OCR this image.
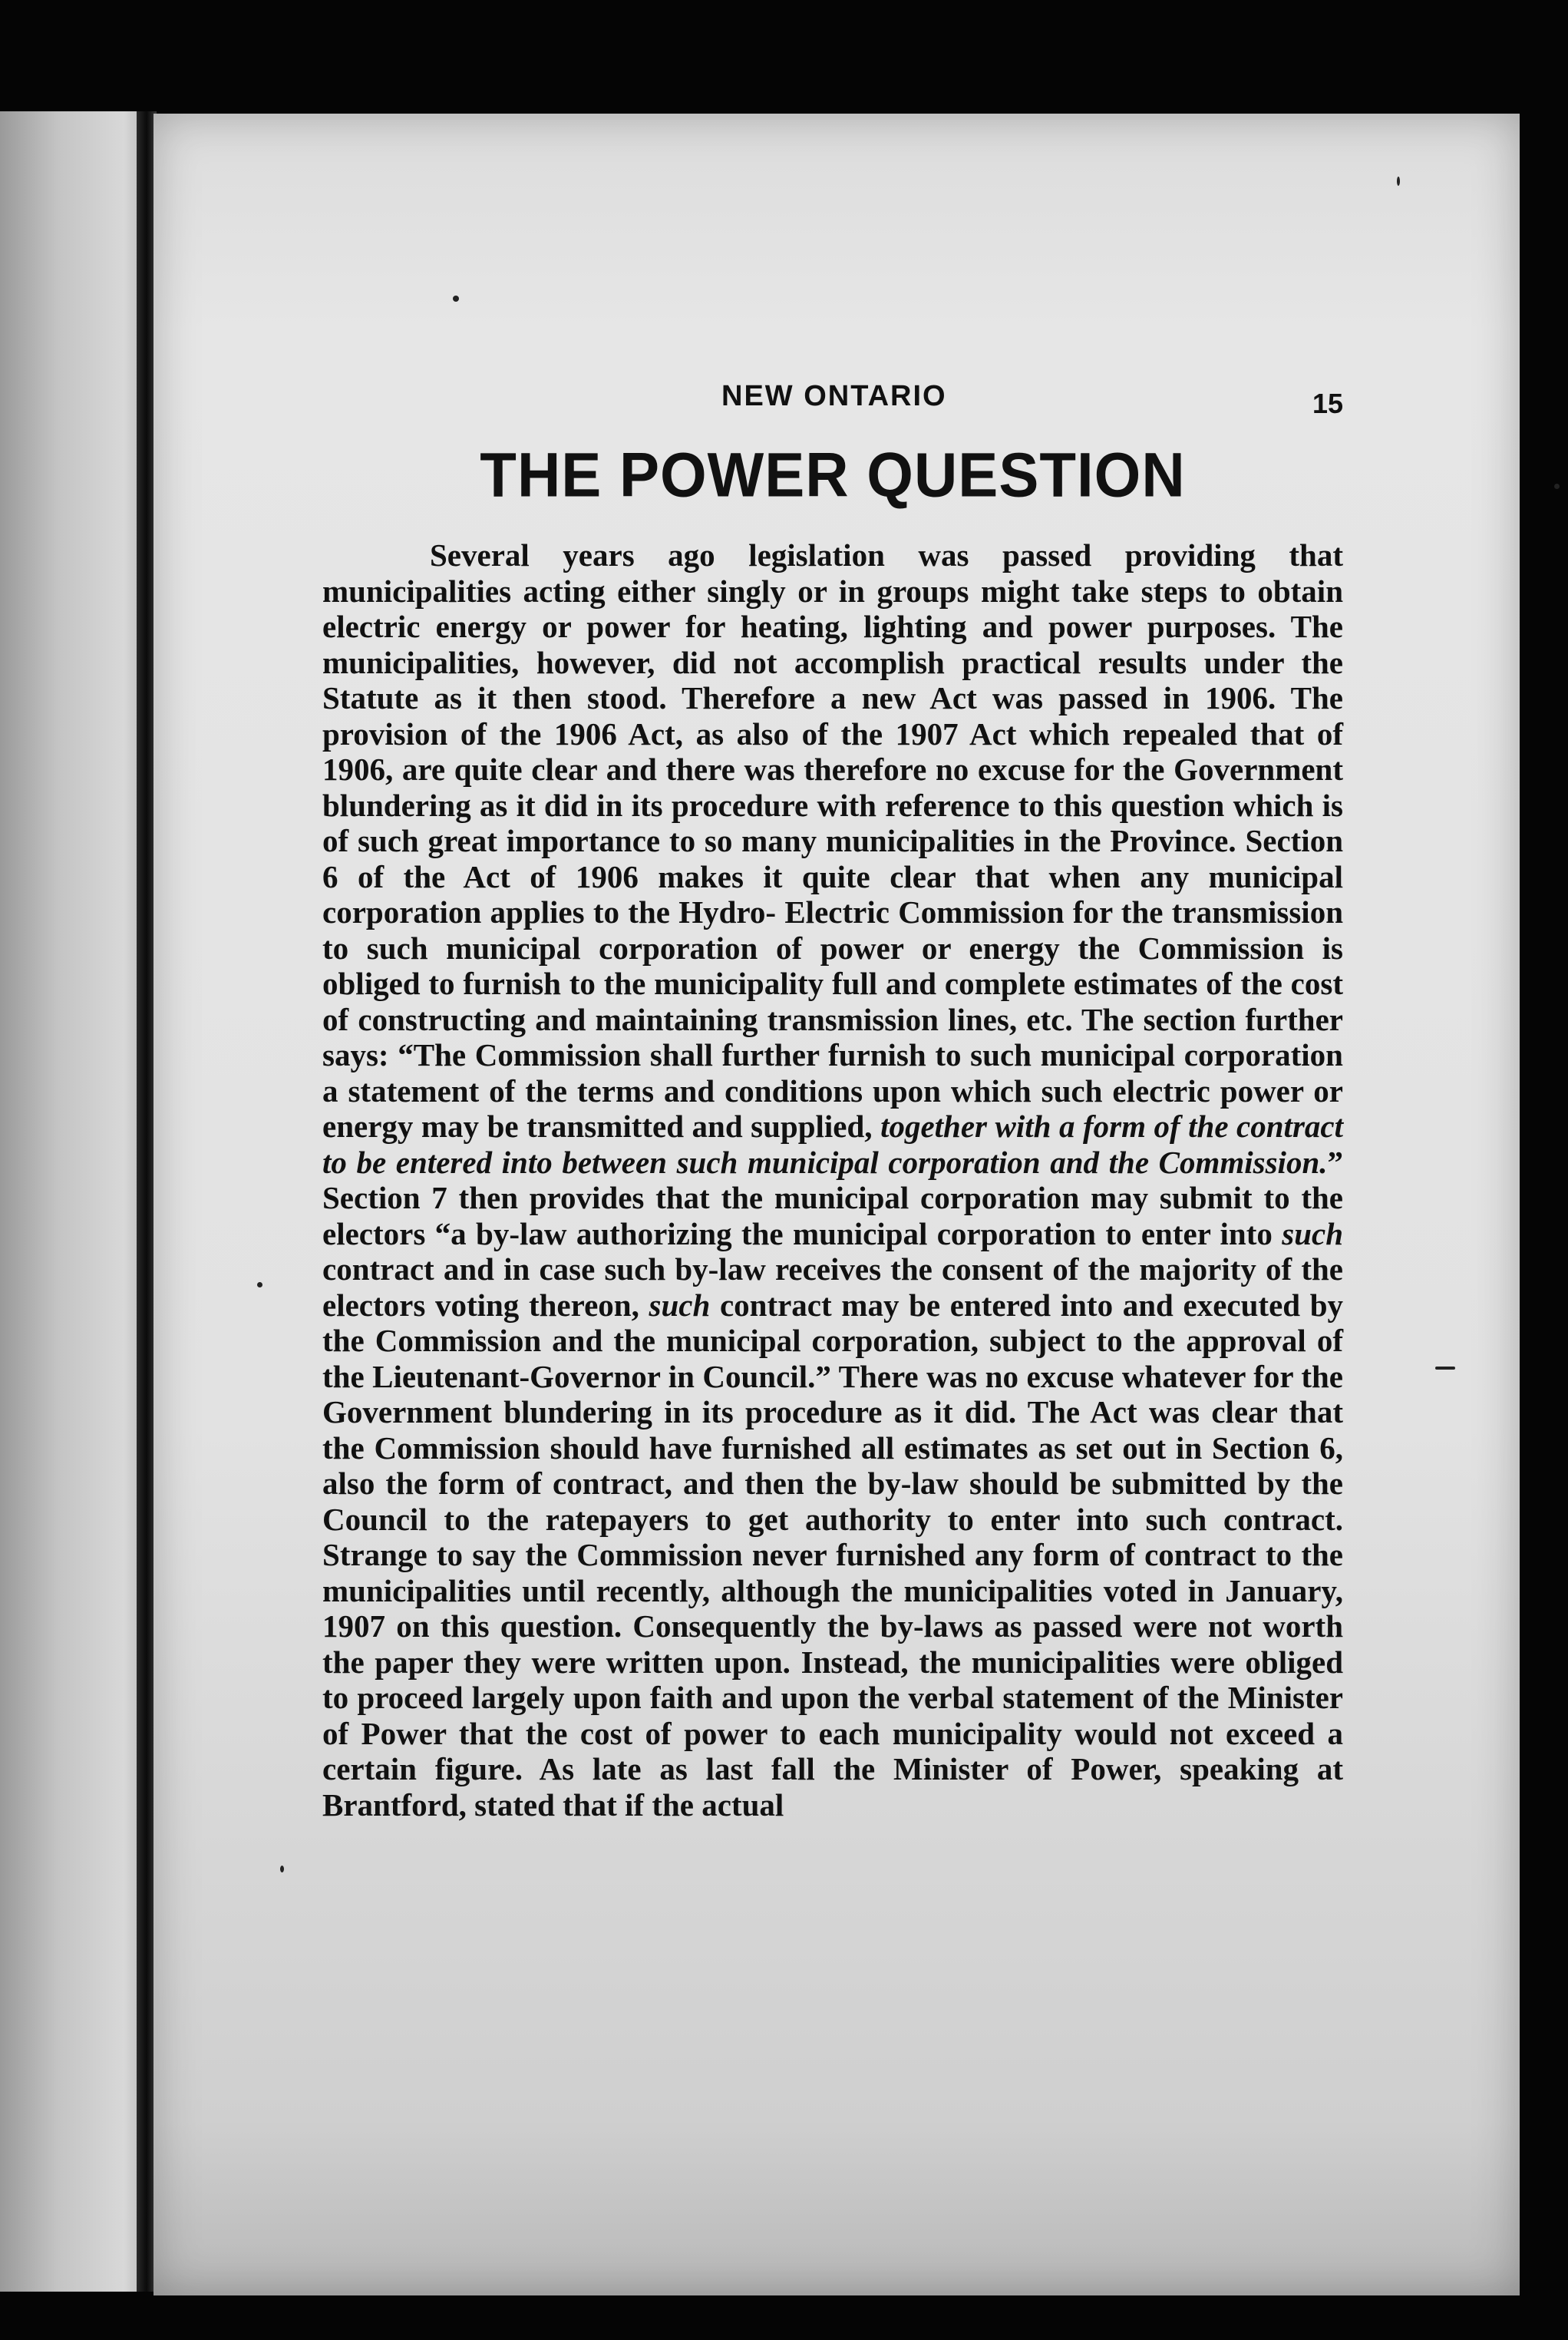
NEW ONTARIO	15
THE POWER QUESTION

Several years ago legislation was passed providing that municipalities acting either singly or in groups might take steps to obtain electric energy or power for heating, lighting and power purposes. The municipalities, however, did not accomplish practical results under the Statute as it then stood. Therefore a new Act was passed in 1906. The provision of the 1906 Act, as also of the 1907 Act which repealed that of 1906, are quite clear and there was therefore no excuse for the Government blundering as it did in its procedure with reference to this question which is of such great importance to so many municipalities in the Province. Section 6 of the Act of 1906 makes it quite clear that when any municipal corporation applies to the Hydro- Electric Commission for the transmission to such municipal corporation of power or energy the Commission is obliged to furnish to the municipality full and complete estimates of the cost of constructing and maintaining transmission lines, etc. The section further says: “The Commission shall further furnish to such municipal corporation a statement of the terms and conditions upon which such electric power or energy may be transmitted and supplied, together with a form of the contract to be entered into between such municipal corporation and the Commission.” Section 7 then provides that the municipal corporation may submit to the electors “a by-law authorizing the municipal corporation to enter into such contract and in case such by-law receives the consent of the majority of the electors voting thereon, such contract may be entered into and executed by the Commission and the municipal corporation, subject to the approval of the Lieutenant-Governor in Council.” There was no excuse whatever for the Government blundering in its procedure as it did. The Act was clear that the Commission should have furnished all estimates as set out in Section 6, also the form of contract, and then the by-law should be submitted by the Council to the ratepayers to get authority to enter into such contract. Strange to say the Commission never furnished any form of contract to the municipalities until recently, although the municipalities voted in January, 1907 on this question. Consequently the by-laws as passed were not worth the paper they were written upon. Instead, the municipalities were obliged to proceed largely upon faith and upon the verbal statement of the Minister of Power that the cost of power to each municipality would not exceed a certain figure. As late as last fall the Minister of Power, speaking at Brantford, stated that if the actual
